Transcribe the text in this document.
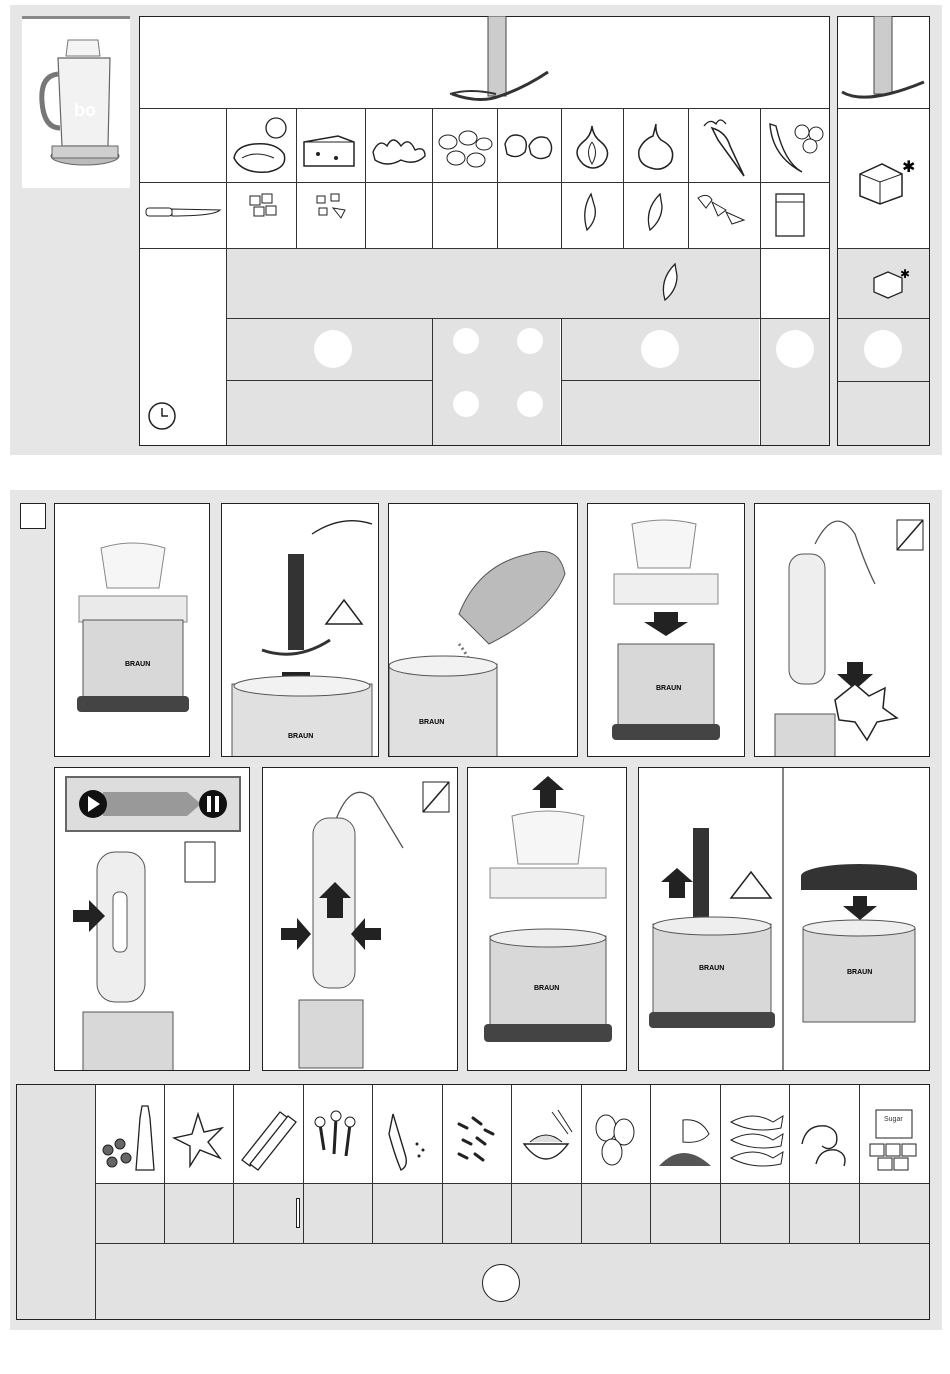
bo
✱
✱
BRAUN
BRAUN
BRAUN
BRAUN
BRAUN
BRAUN
BRAUN
Sugar
